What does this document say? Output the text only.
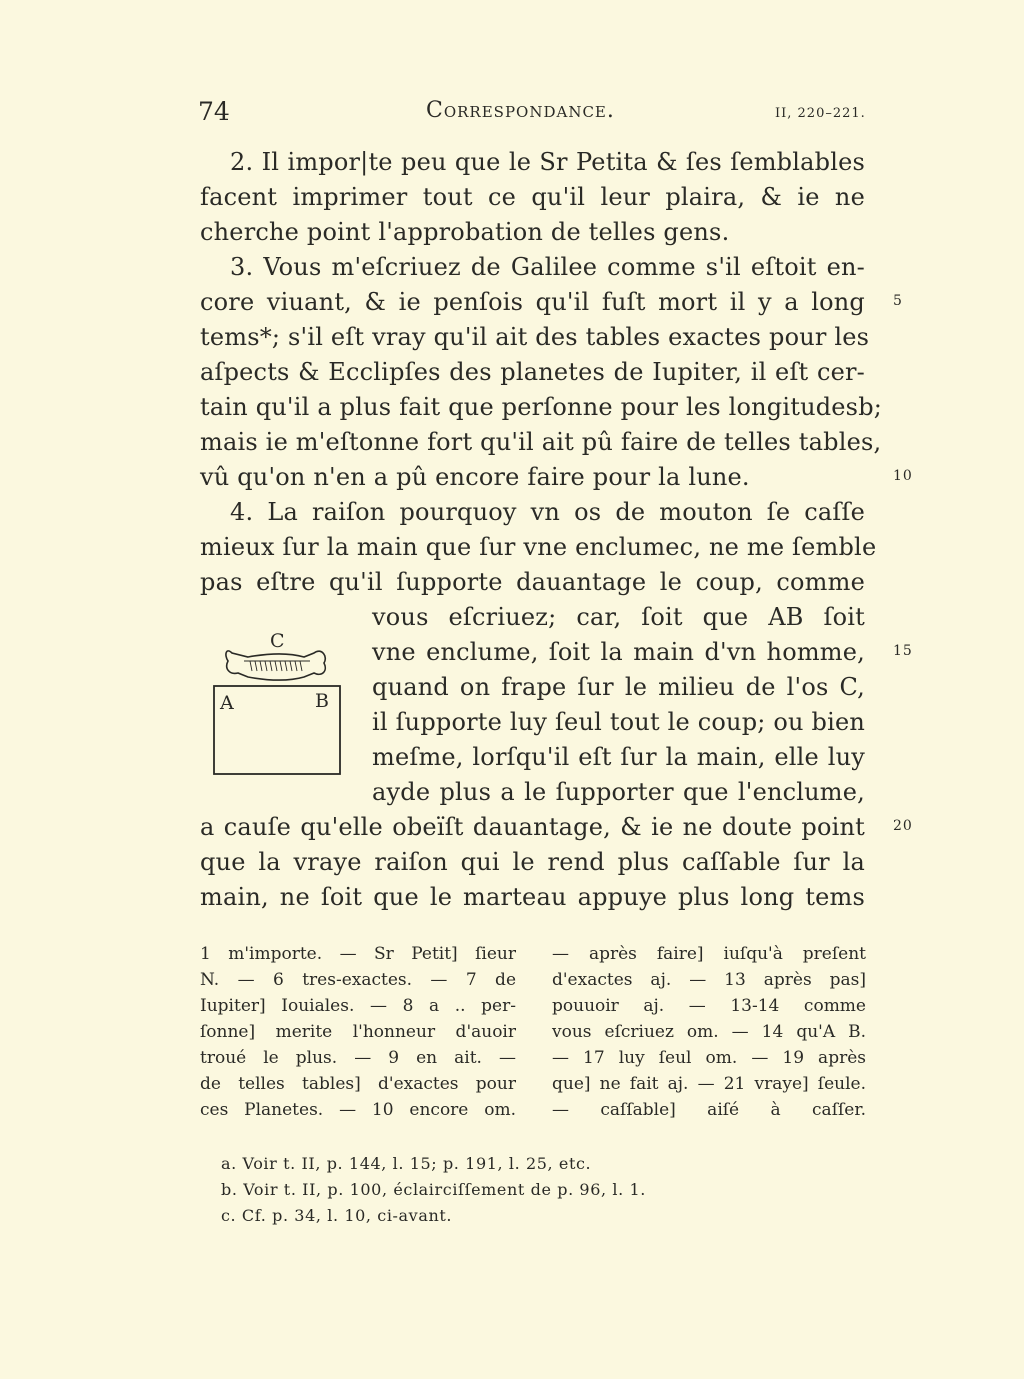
74	Correspondance.	II, 220–221.
2. Il impor|te peu que le Sr Petita & ſes ſemblables
facent imprimer tout ce qu'il leur plaira, & ie ne
cherche point l'approbation de telles gens.
3. Vous m'eſcriuez de Galilee comme s'il eſtoit en-
core viuant, & ie penſois qu'il fuſt mort il y a long
tems*; s'il eſt vray qu'il ait des tables exactes pour les
aſpects & Ecclipſes des planetes de Iupiter, il eſt cer-
tain qu'il a plus fait que perſonne pour les longitudesb;
mais ie m'eſtonne fort qu'il ait pû faire de telles tables,
vû qu'on n'en a pû encore faire pour la lune.
4. La raiſon pourquoy vn os de mouton ſe caſſe
mieux ſur la main que ſur vne enclumec, ne me ſemble
pas eſtre qu'il ſupporte dauantage le coup, comme
vous eſcriuez; car, ſoit que AB ſoit
vne enclume, ſoit la main d'vn homme,
quand on frape ſur le milieu de l'os C,
il ſupporte luy ſeul tout le coup; ou bien
meſme, lorſqu'il eſt ſur la main, elle luy
ayde plus a le ſupporter que l'enclume,
a cauſe qu'elle obeïſt dauantage, & ie ne doute point
que la vraye raiſon qui le rend plus caſſable ſur la
main, ne ſoit que le marteau appuye plus long tems
5
10
15
20
C
A	B
1 m'importe. — Sr Petit] ſieur
N. — 6 tres-exactes. — 7 de
Iupiter] Iouiales. — 8 a .. per-
ſonne] merite l'honneur d'auoir
troué le plus. — 9 en ait. —
de telles tables] d'exactes pour
ces Planetes. — 10 encore om.
— après faire] iuſqu'à preſent
d'exactes aj. — 13 après pas]
pouuoir aj. — 13-14 comme
vous eſcriuez om. — 14 qu'A B.
— 17 luy ſeul om. — 19 après
que] ne fait aj. — 21 vraye] ſeule.
— caſſable] aiſé à caſſer.
a. Voir t. II, p. 144, l. 15; p. 191, l. 25, etc.
b. Voir t. II, p. 100, éclairciſſement de p. 96, l. 1.
c. Cf. p. 34, l. 10, ci-avant.
